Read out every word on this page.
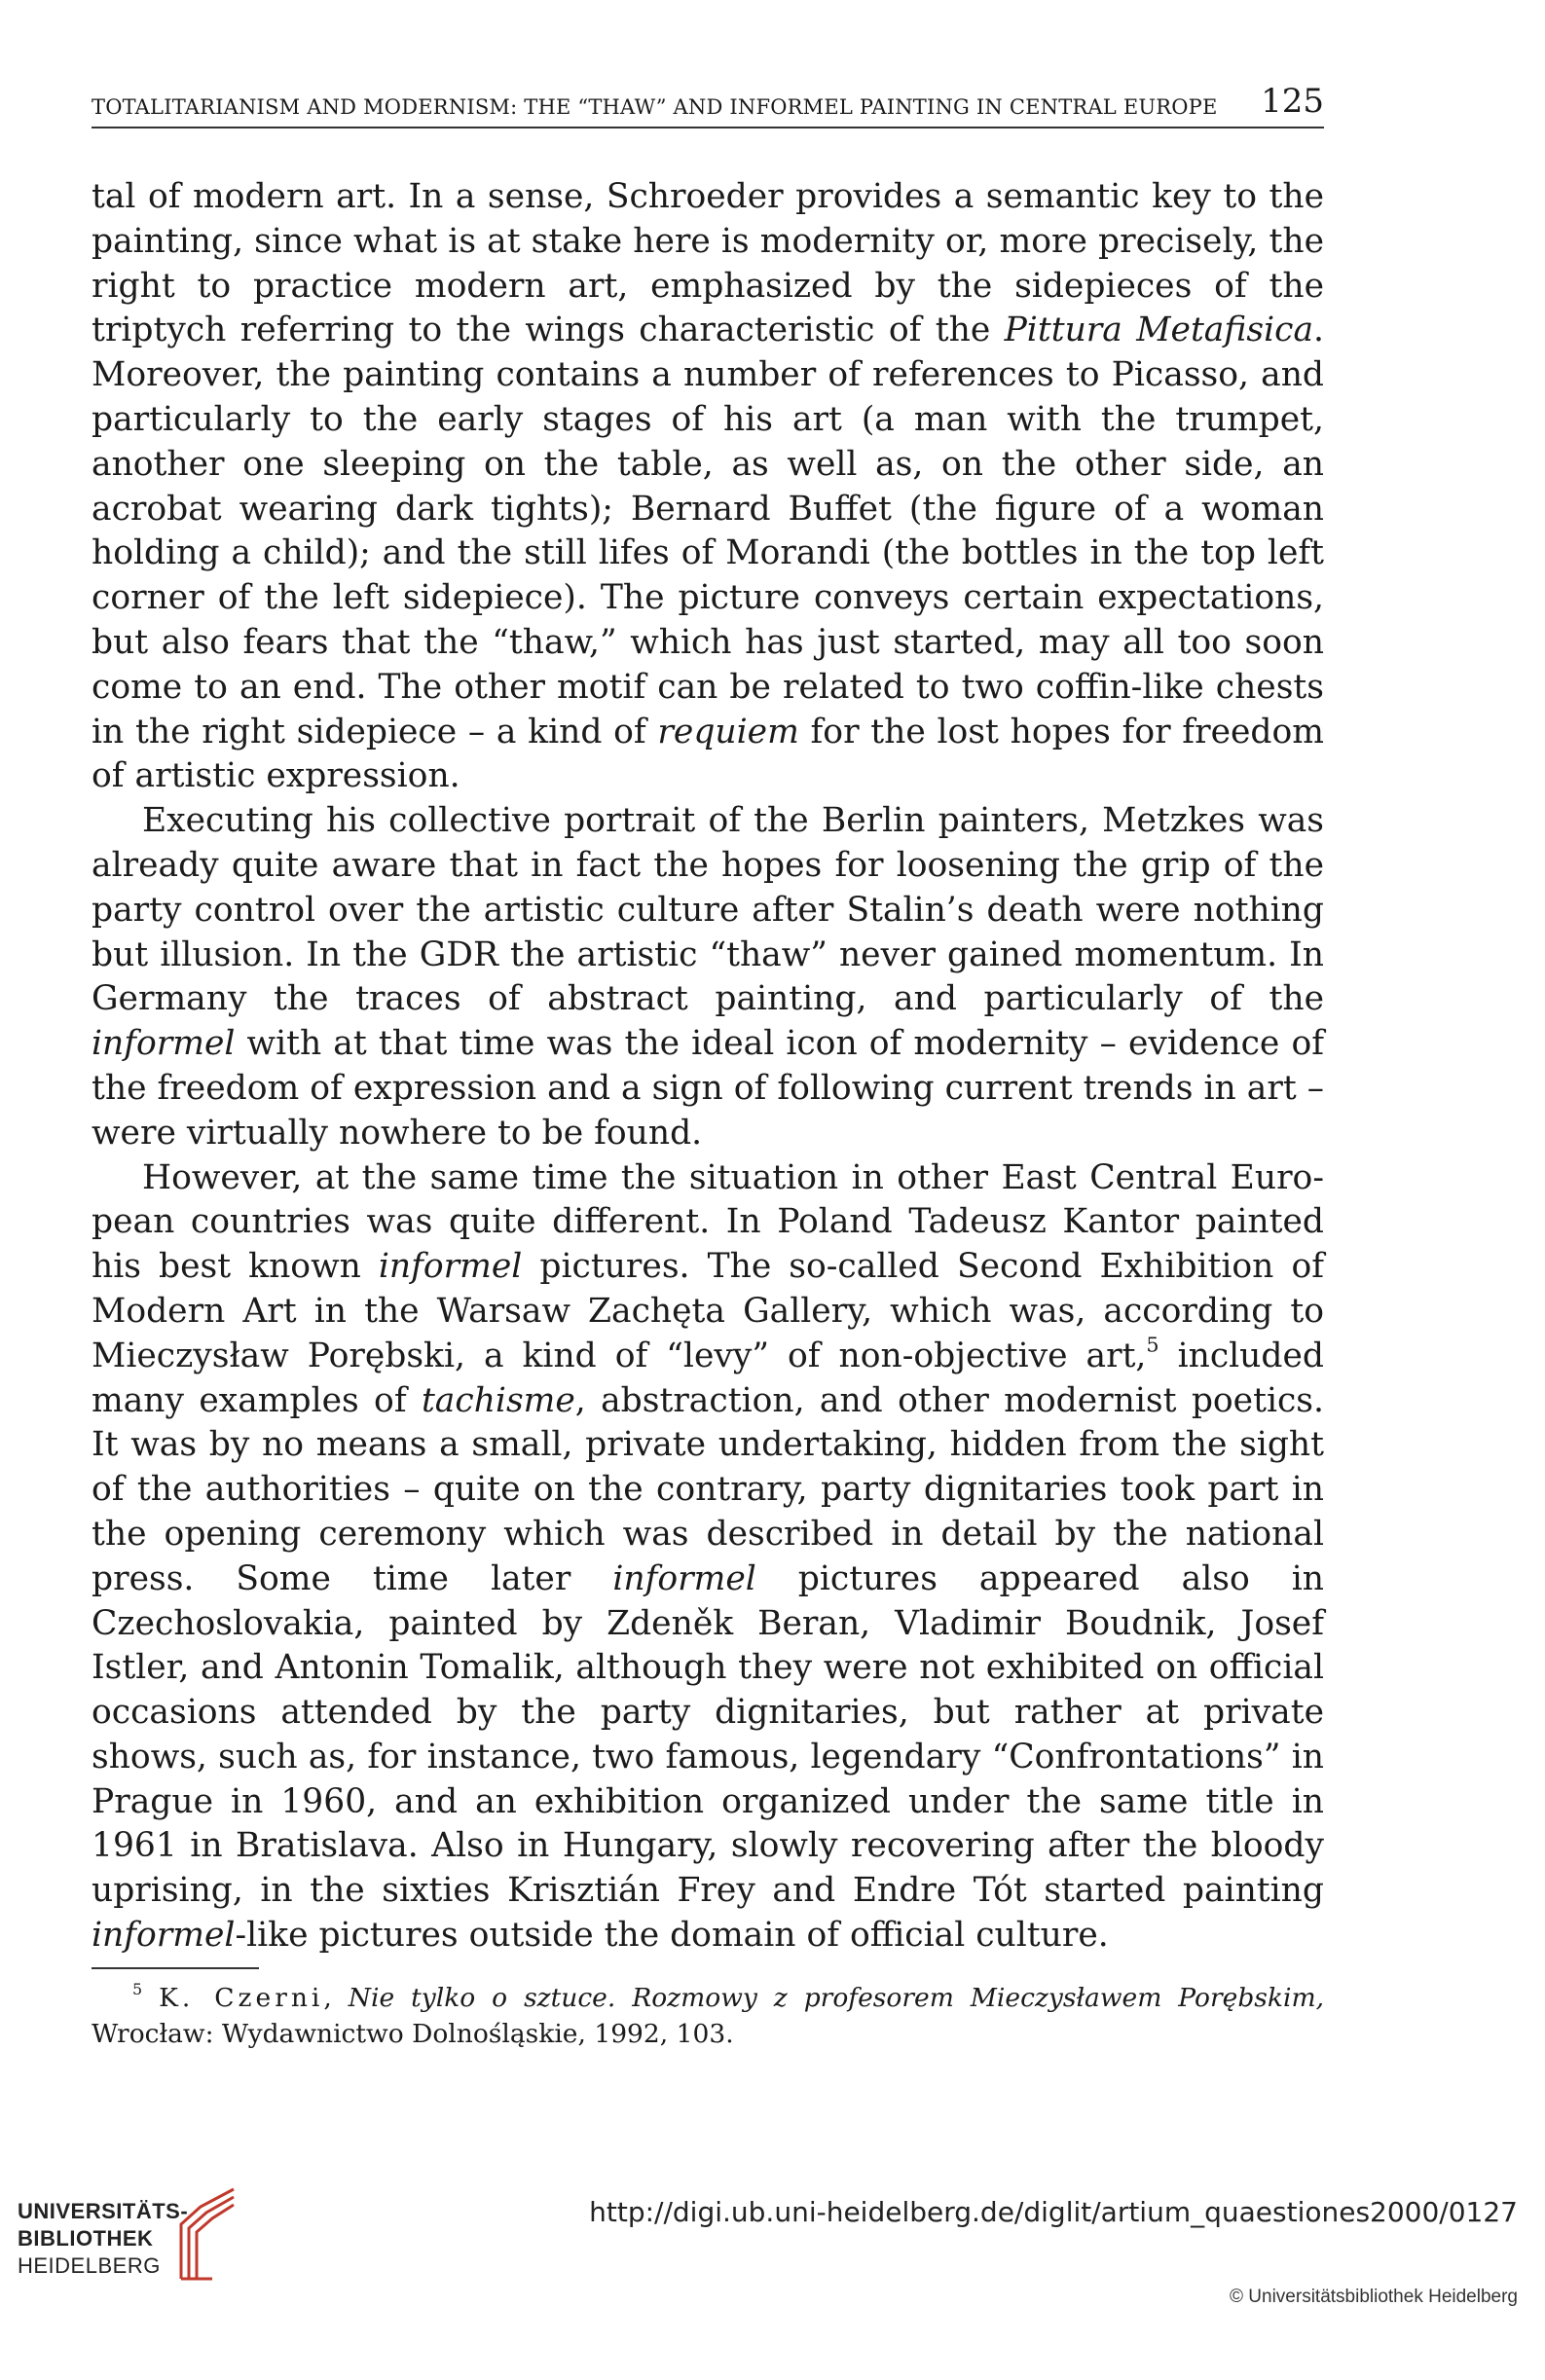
TOTALITARIANISM AND MODERNISM: THE “THAW” AND INFORMEL PAINTING IN CENTRAL EUROPE 125

tal of modern art. In a sense, Schroeder provides a semantic key to the painting, since what is at stake here is modernity or, more precisely, the right to practice modern art, emphasized by the sidepieces of the triptych referring to the wings characteristic of the Pittura Metafisica. Moreover, the painting contains a number of references to Picasso, and particularly to the early stages of his art (a man with the trumpet, another one sleeping on the table, as well as, on the other side, an acrobat wearing dark tights); Bernard Buffet (the figure of a woman holding a child); and the still lifes of Morandi (the bottles in the top left corner of the left sidepiece). The picture conveys certain expectations, but also fears that the “thaw,” which has just started, may all too soon come to an end. The other motif can be related to two coffin-like chests in the right sidepiece – a kind of requiem for the lost hopes for freedom of artistic expression.

Executing his collective portrait of the Berlin painters, Metzkes was already quite aware that in fact the hopes for loosening the grip of the party control over the artistic culture after Stalin’s death were nothing but illusion. In the GDR the artistic “thaw” never gained momentum. In Germany the traces of abstract painting, and particularly of the informel with at that time was the ideal icon of modernity – evidence of the freedom of expression and a sign of following current trends in art – were virtually nowhere to be found.

However, at the same time the situation in other East Central European countries was quite different. In Poland Tadeusz Kantor painted his best known informel pictures. The so-called Second Exhibition of Modern Art in the Warsaw Zachęta Gallery, which was, according to Mieczysław Porębski, a kind of “levy” of non-objective art,$^5$ included many examples of tachisme, abstraction, and other modernist poetics. It was by no means a small, private undertaking, hidden from the sight of the authorities – quite on the contrary, party dignitaries took part in the opening ceremony which was described in detail by the national press. Some time later informel pictures appeared also in Czechoslovakia, painted by Zdeněk Beran, Vladimir Boudnik, Josef Istler, and Antonin Tomalik, although they were not exhibited on official occasions attended by the party dignitaries, but rather at private shows, such as, for instance, two famous, legendary “Confrontations” in Prague in 1960, and an exhibition organized under the same title in 1961 in Bratislava. Also in Hungary, slowly recovering after the bloody uprising, in the sixties Krisztián Frey and Endre Tót started painting informel-like pictures outside the domain of official culture.

$^5$ K. Czerni, Nie tylko o sztuce. Rozmowy z profesorem Mieczysławem Porębskim, Wrocław: Wydawnictwo Dolnośląskie, 1992, 103.

UNIVERSITÄTS-
BIBLIOTHEK
HEIDELBERG
http://digi.ub.uni-heidelberg.de/diglit/artium_quaestiones2000/0127
© Universitätsbibliothek Heidelberg
